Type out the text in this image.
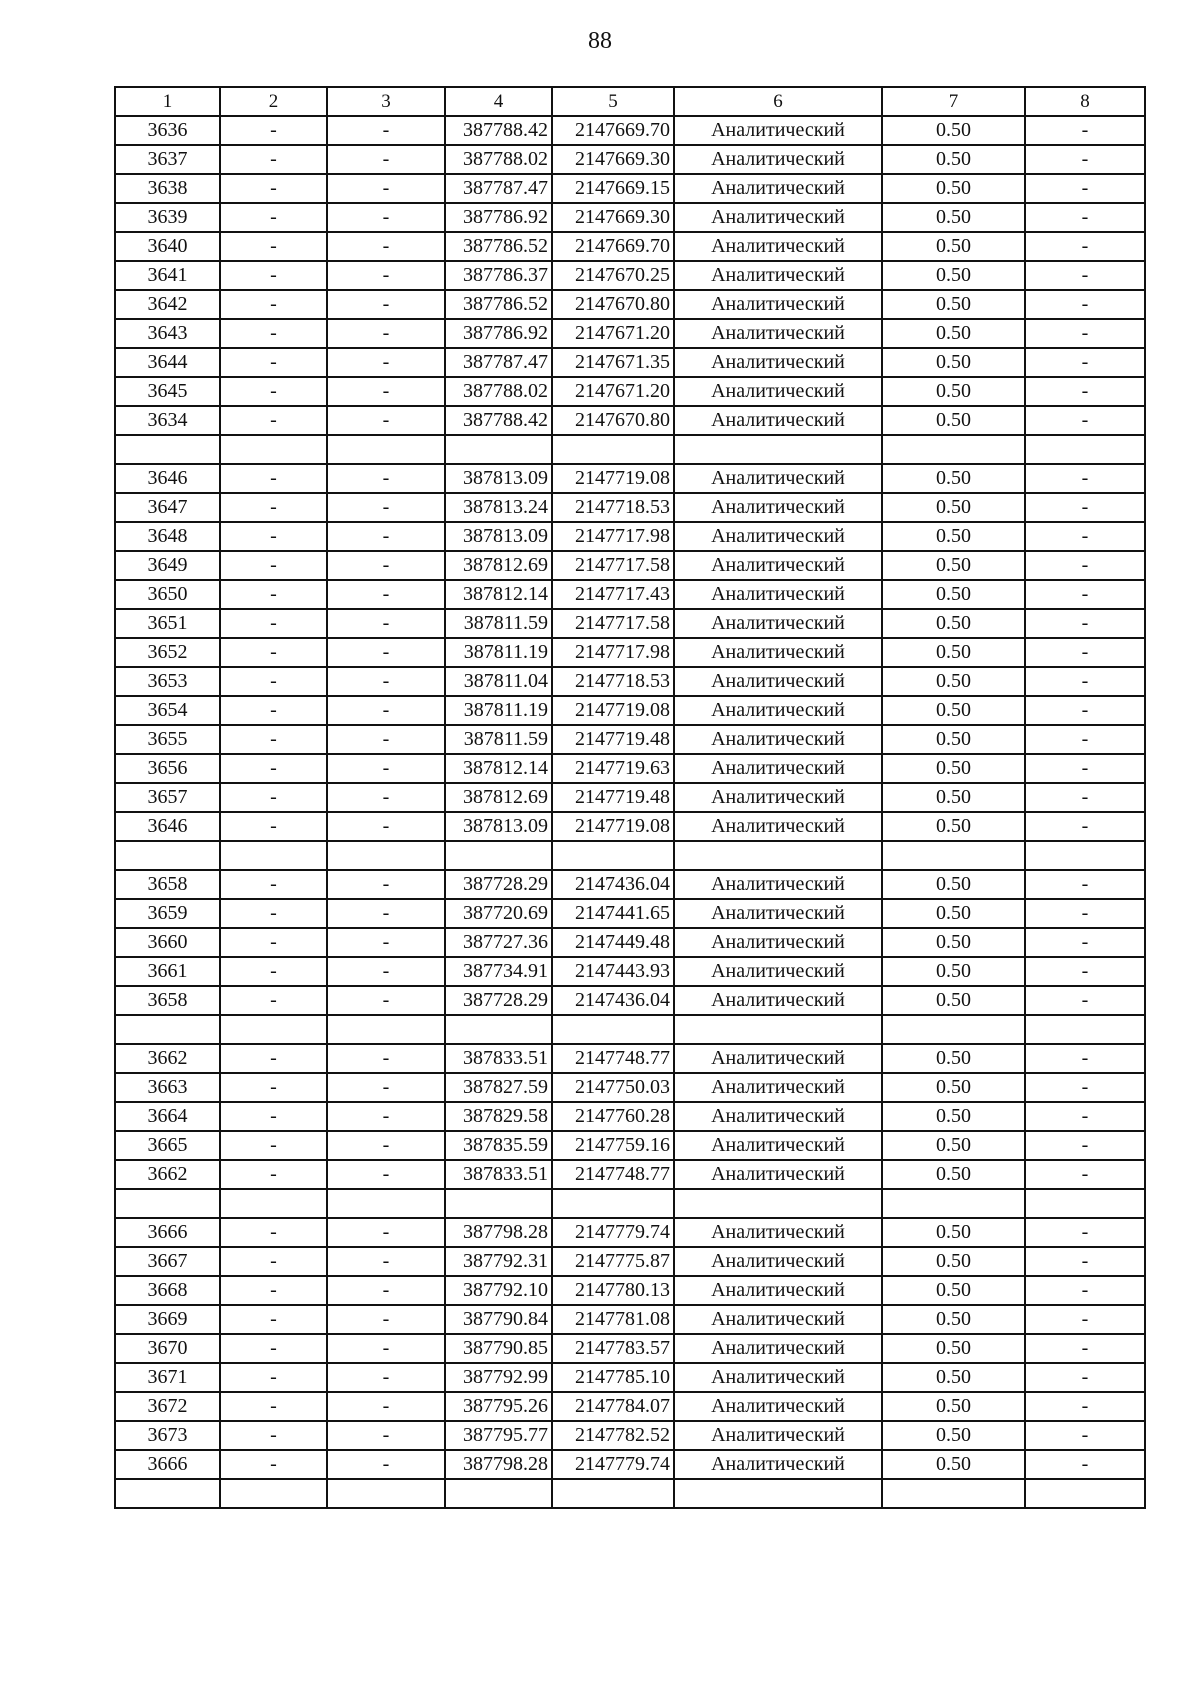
88
1	2	3	4	5	6	7	8
3636	-	-	387788.42	2147669.70	Аналитический	0.50	-
3637	-	-	387788.02	2147669.30	Аналитический	0.50	-
3638	-	-	387787.47	2147669.15	Аналитический	0.50	-
3639	-	-	387786.92	2147669.30	Аналитический	0.50	-
3640	-	-	387786.52	2147669.70	Аналитический	0.50	-
3641	-	-	387786.37	2147670.25	Аналитический	0.50	-
3642	-	-	387786.52	2147670.80	Аналитический	0.50	-
3643	-	-	387786.92	2147671.20	Аналитический	0.50	-
3644	-	-	387787.47	2147671.35	Аналитический	0.50	-
3645	-	-	387788.02	2147671.20	Аналитический	0.50	-
3634	-	-	387788.42	2147670.80	Аналитический	0.50	-

3646	-	-	387813.09	2147719.08	Аналитический	0.50	-
3647	-	-	387813.24	2147718.53	Аналитический	0.50	-
3648	-	-	387813.09	2147717.98	Аналитический	0.50	-
3649	-	-	387812.69	2147717.58	Аналитический	0.50	-
3650	-	-	387812.14	2147717.43	Аналитический	0.50	-
3651	-	-	387811.59	2147717.58	Аналитический	0.50	-
3652	-	-	387811.19	2147717.98	Аналитический	0.50	-
3653	-	-	387811.04	2147718.53	Аналитический	0.50	-
3654	-	-	387811.19	2147719.08	Аналитический	0.50	-
3655	-	-	387811.59	2147719.48	Аналитический	0.50	-
3656	-	-	387812.14	2147719.63	Аналитический	0.50	-
3657	-	-	387812.69	2147719.48	Аналитический	0.50	-
3646	-	-	387813.09	2147719.08	Аналитический	0.50	-

3658	-	-	387728.29	2147436.04	Аналитический	0.50	-
3659	-	-	387720.69	2147441.65	Аналитический	0.50	-
3660	-	-	387727.36	2147449.48	Аналитический	0.50	-
3661	-	-	387734.91	2147443.93	Аналитический	0.50	-
3658	-	-	387728.29	2147436.04	Аналитический	0.50	-

3662	-	-	387833.51	2147748.77	Аналитический	0.50	-
3663	-	-	387827.59	2147750.03	Аналитический	0.50	-
3664	-	-	387829.58	2147760.28	Аналитический	0.50	-
3665	-	-	387835.59	2147759.16	Аналитический	0.50	-
3662	-	-	387833.51	2147748.77	Аналитический	0.50	-

3666	-	-	387798.28	2147779.74	Аналитический	0.50	-
3667	-	-	387792.31	2147775.87	Аналитический	0.50	-
3668	-	-	387792.10	2147780.13	Аналитический	0.50	-
3669	-	-	387790.84	2147781.08	Аналитический	0.50	-
3670	-	-	387790.85	2147783.57	Аналитический	0.50	-
3671	-	-	387792.99	2147785.10	Аналитический	0.50	-
3672	-	-	387795.26	2147784.07	Аналитический	0.50	-
3673	-	-	387795.77	2147782.52	Аналитический	0.50	-
3666	-	-	387798.28	2147779.74	Аналитический	0.50	-
